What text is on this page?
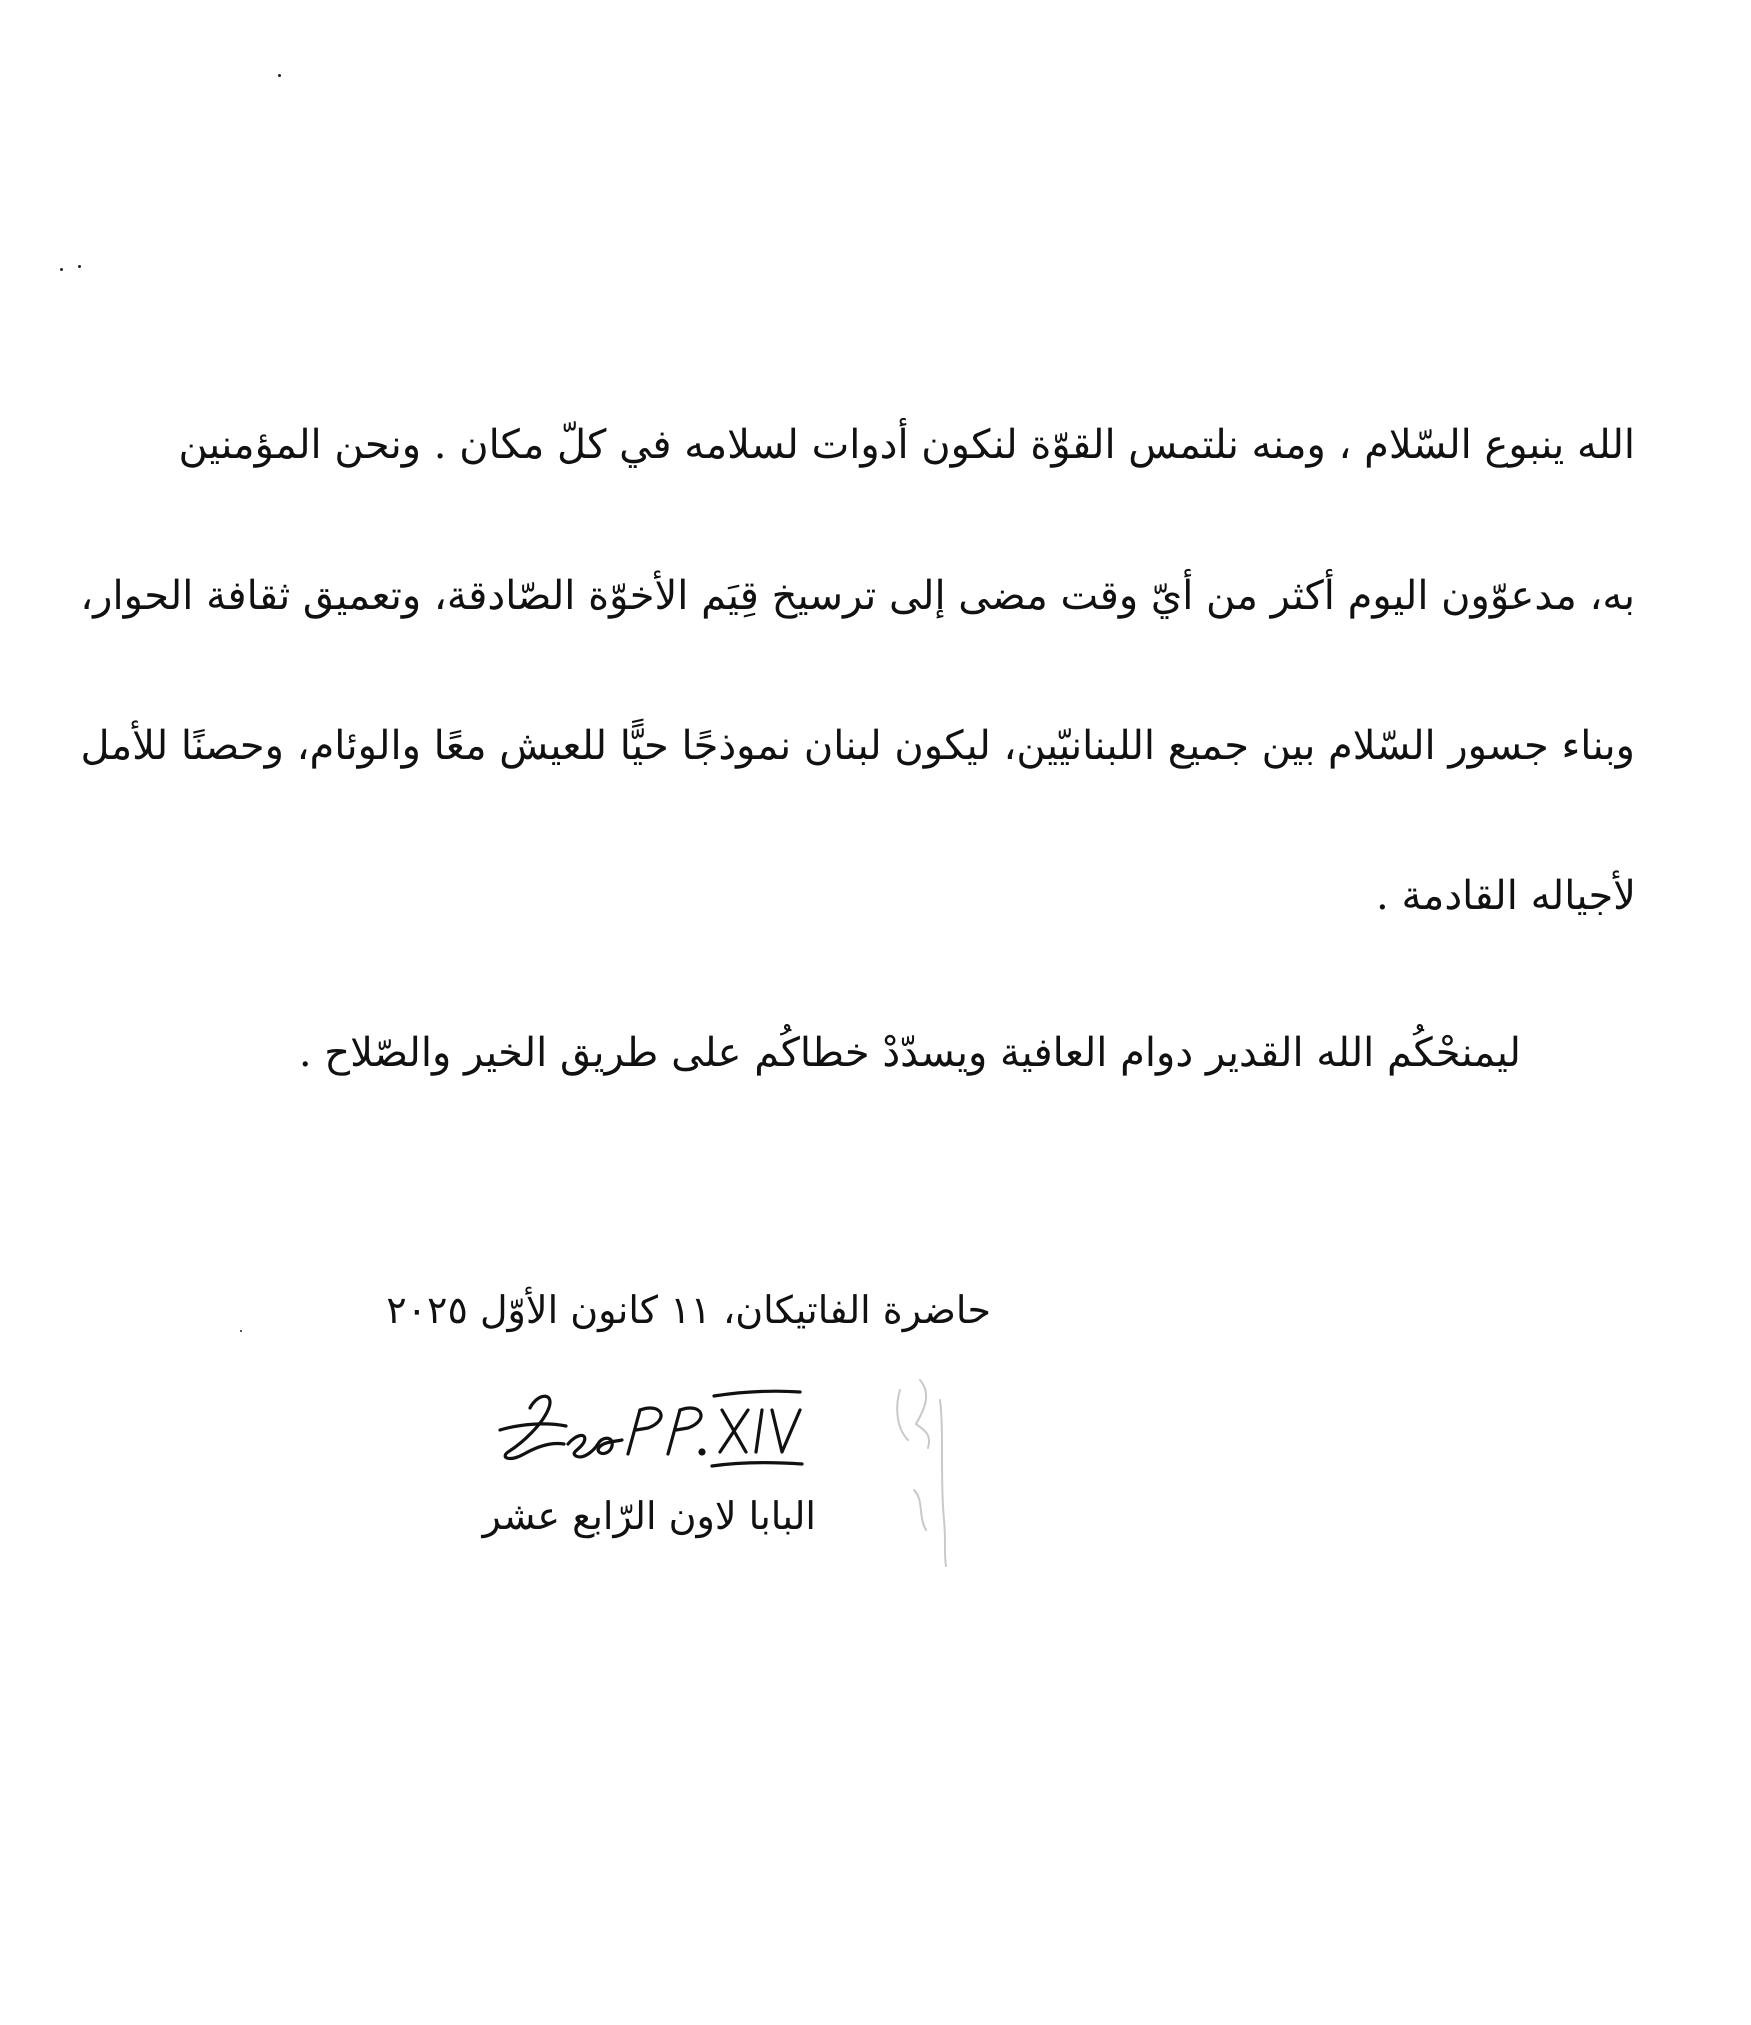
الله ينبوع السّلام ، ومنه نلتمس القوّة لنكون أدوات لسلامه في كلّ مكان . ونحن المؤمنين
به، مدعوّون اليوم أكثر من أيّ وقت مضى إلى ترسيخ قِيَم الأخوّة الصّادقة، وتعميق ثقافة الحوار،
وبناء جسور السّلام بين جميع اللبنانيّين، ليكون لبنان نموذجًا حيًّا للعيش معًا والوئام، وحصنًا للأمل
لأجياله القادمة .
ليمنحْكُم الله القدير دوام العافية ويسدّدْ خطاكُم على طريق الخير والصّلاح .
حاضرة الفاتيكان، ١١ كانون الأوّل ٢٠٢٥
البابا لاون الرّابع عشر
